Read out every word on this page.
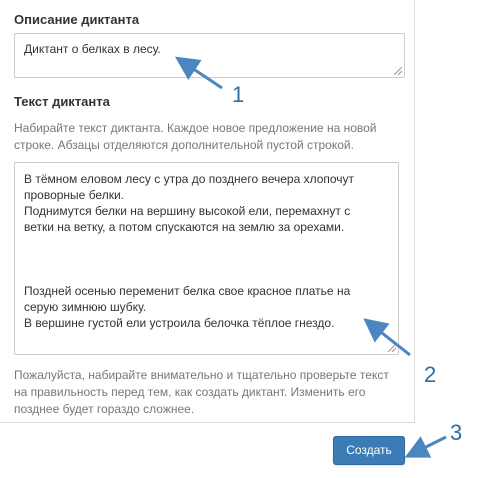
Описание диктанта
Диктант о белках в лесу.
Текст диктанта
Набирайте текст диктанта. Каждое новое предложение на новой строке. Абзацы отделяются дополнительной пустой строкой.
В тёмном еловом лесу с утра до позднего вечера хлопочут
проворные белки.
Поднимутся белки на вершину высокой ели, перемахнут с
ветки на ветку, а потом спускаются на землю за орехами.
Поздней осенью переменит белка свое красное платье на
серую зимнюю шубку.
В вершине густой ели устроила белочка тёплое гнездо.
Пожалуйста, набирайте внимательно и тщательно проверьте текст на правильность перед тем, как создать диктант. Изменить его позднее будет гораздо сложнее.
Создать
1
2
3
